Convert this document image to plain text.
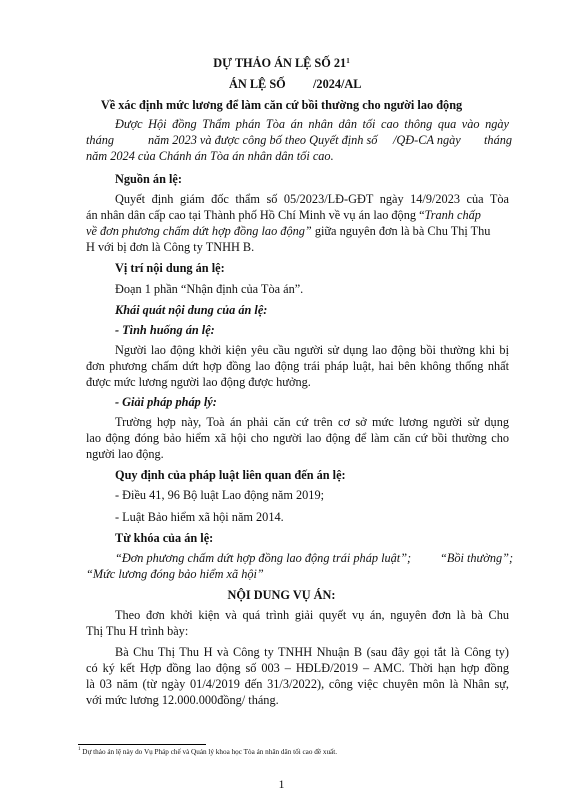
DỰ THẢO ÁN LỆ SỐ $21^1$
ÁN LỆ SỐ /2024/AL
Về xác định mức lương để làm căn cứ bồi thường cho người lao động
Được Hội đồng Thẩm phán Tòa án nhân dân tối cao thông qua vào ngày
tháng	năm 2023 và được công bố theo Quyết định số /QĐ-CA ngày tháng
năm 2024 của Chánh án Tòa án nhân dân tối cao.
Nguồn án lệ:
Quyết định giám đốc thẩm số 05/2023/LĐ-GĐT ngày 14/9/2023 của Tòa
án nhân dân cấp cao tại Thành phố Hồ Chí Minh về vụ án lao động “Tranh chấp
về đơn phương chấm dứt hợp đồng lao động” giữa nguyên đơn là bà Chu Thị Thu
H với bị đơn là Công ty TNHH B.
Vị trí nội dung án lệ:
Đoạn 1 phần “Nhận định của Tòa án”.
Khái quát nội dung của án lệ:
- Tình huống án lệ:
Người lao động khởi kiện yêu cầu người sử dụng lao động bồi thường khi bị
đơn phương chấm dứt hợp đồng lao động trái pháp luật, hai bên không thống nhất
được mức lương người lao động được hưởng.
- Giải pháp pháp lý:
Trường hợp này, Toà án phải căn cứ trên cơ sở mức lương người sử dụng
lao động đóng bảo hiểm xã hội cho người lao động để làm căn cứ bồi thường cho
người lao động.
Quy định của pháp luật liên quan đến án lệ:
- Điều 41, 96 Bộ luật Lao động năm 2019;
- Luật Bảo hiểm xã hội năm 2014.
Từ khóa của án lệ:
“Đơn phương chấm dứt hợp đồng lao động trái pháp luật”; “Bồi thường”;
“Mức lương đóng bảo hiểm xã hội”
NỘI DUNG VỤ ÁN:
Theo đơn khởi kiện và quá trình giải quyết vụ án, nguyên đơn là bà Chu
Thị Thu H trình bày:
Bà Chu Thị Thu H và Công ty TNHH Nhuận B (sau đây gọi tắt là Công ty)
có ký kết Hợp đồng lao động số 003 – HĐLĐ/2019 – AMC. Thời hạn hợp đồng
là 03 năm (từ ngày 01/4/2019 đến 31/3/2022), công việc chuyên môn là Nhân sự,
với mức lương 12.000.000đồng/ tháng.
$^1$ Dự thảo án lệ này do Vụ Pháp chế và Quản lý khoa học Tòa án nhân dân tối cao đề xuất.
1
